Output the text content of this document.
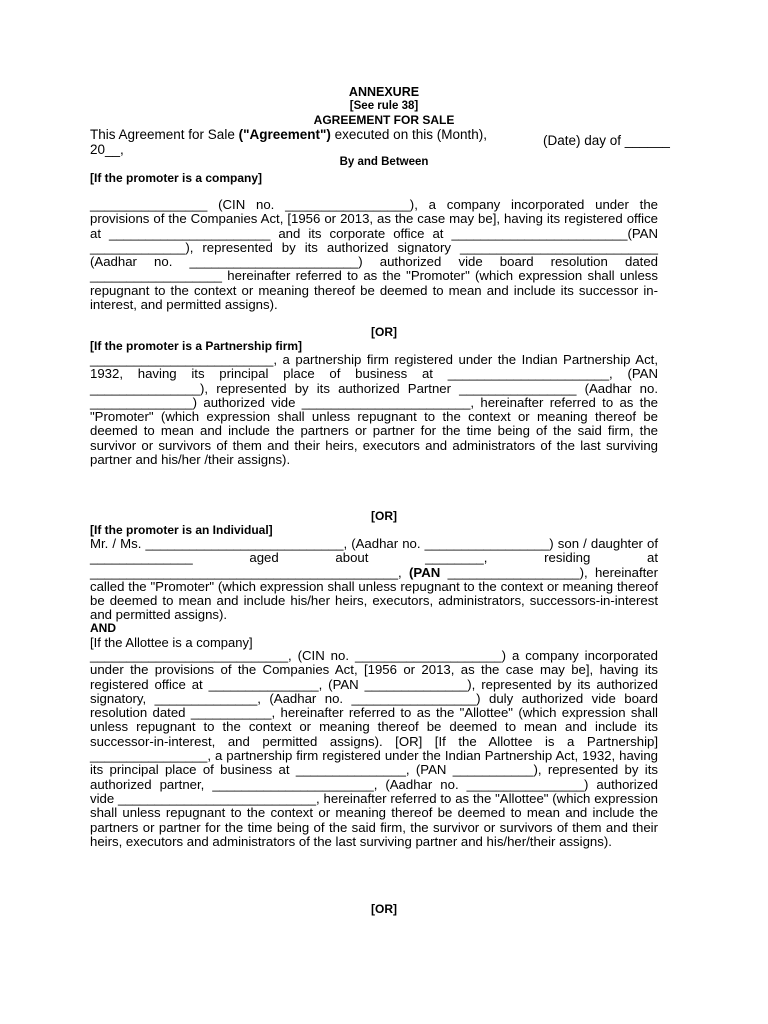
ANNEXURE
[See rule 38]
AGREEMENT FOR SALE
This Agreement for Sale ("Agreement") executed on this (Month), 20__,
(Date) day of ______
By and Between
[If the promoter is a company]

________________ (CIN no. _________________), a company incorporated under the provisions of the Companies Act, [1956 or 2013, as the case may be], having its registered office at ______________________ and its corporate office at ________________________(PAN _____________), represented by its authorized signatory ___________________________ (Aadhar no. _______________________) authorized vide board resolution dated __________________ hereinafter referred to as the "Promoter" (which expression shall unless repugnant to the context or meaning thereof be deemed to mean and include its successor in-interest, and permitted assigns).

[OR]
[If the promoter is a Partnership firm]

_________________________, a partnership firm registered under the Indian Partnership Act, 1932, having its principal place of business at ______________________, (PAN _______________), represented by its authorized Partner ________________ (Aadhar no. ______________) authorized vide _______________________, hereinafter referred to as the "Promoter" (which expression shall unless repugnant to the context or meaning thereof be deemed to mean and include the partners or partner for the time being of the said firm, the survivor or survivors of them and their heirs, executors and administrators of the last surviving partner and his/her /their assigns).

[OR]
[If the promoter is an Individual]

Mr. / Ms. ___________________________, (Aadhar no. _________________) son / daughter of ______________ aged about ________, residing at __________________________________________, (PAN __________________), hereinafter called the "Promoter" (which expression shall unless repugnant to the context or meaning thereof be deemed to mean and include his/her heirs, executors, administrators, successors-in-interest and permitted assigns).

AND
[If the Allottee is a company]

___________________________, (CIN no. ____________________) a company incorporated under the provisions of the Companies Act, [1956 or 2013, as the case may be], having its registered office at _______________, (PAN ______________), represented by its authorized signatory, ______________, (Aadhar no. _________________) duly authorized vide board resolution dated ___________, hereinafter referred to as the "Allottee" (which expression shall unless repugnant to the context or meaning thereof be deemed to mean and include its successor-in-interest, and permitted assigns). [OR] [If the Allottee is a Partnership] ________________, a partnership firm registered under the Indian Partnership Act, 1932, having its principal place of business at _______________, (PAN ___________), represented by its authorized partner, ______________________, (Aadhar no. ________________) authorized vide ___________________________, hereinafter referred to as the "Allottee" (which expression shall unless repugnant to the context or meaning thereof be deemed to mean and include the partners or partner for the time being of the said firm, the survivor or survivors of them and their heirs, executors and administrators of the last surviving partner and his/her/their assigns).

[OR]
